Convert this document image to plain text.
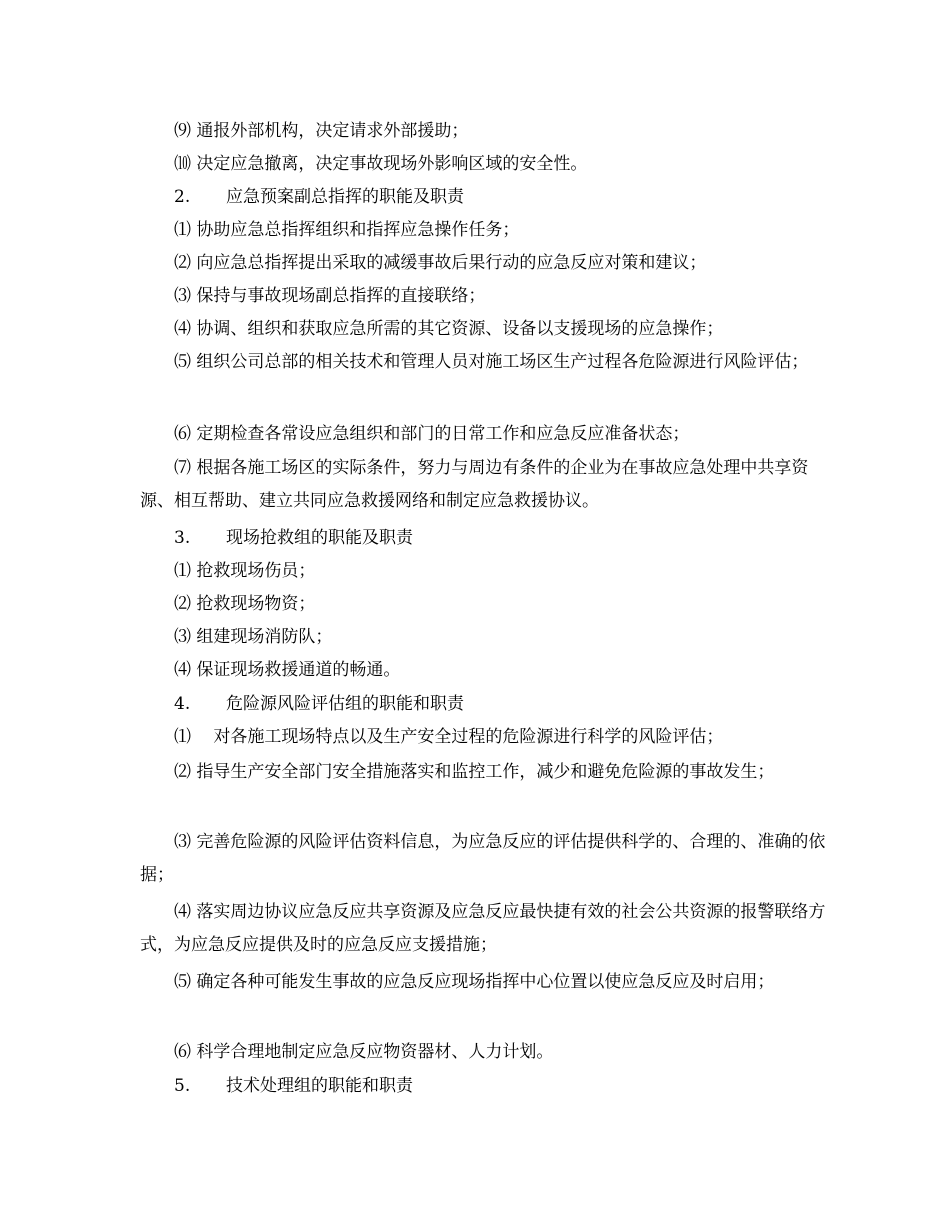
⑼ 通报外部机构，决定请求外部援助；
⑽ 决定应急撤离，决定事故现场外影响区域的安全性。
2. 应急预案副总指挥的职能及职责
⑴ 协助应急总指挥组织和指挥应急操作任务；
⑵ 向应急总指挥提出采取的减缓事故后果行动的应急反应对策和建议；
⑶ 保持与事故现场副总指挥的直接联络；
⑷ 协调、组织和获取应急所需的其它资源、设备以支援现场的应急操作；
⑸ 组织公司总部的相关技术和管理人员对施工场区生产过程各危险源进行风险评估；
⑹ 定期检查各常设应急组织和部门的日常工作和应急反应准备状态；
⑺ 根据各施工场区的实际条件，努力与周边有条件的企业为在事故应急处理中共享资源、相互帮助、建立共同应急救援网络和制定应急救援协议。
3. 现场抢救组的职能及职责
⑴ 抢救现场伤员；
⑵ 抢救现场物资；
⑶ 组建现场消防队；
⑷ 保证现场救援通道的畅通。
4. 危险源风险评估组的职能和职责
⑴　 对各施工现场特点以及生产安全过程的危险源进行科学的风险评估；
⑵ 指导生产安全部门安全措施落实和监控工作，减少和避免危险源的事故发生；
⑶ 完善危险源的风险评估资料信息，为应急反应的评估提供科学的、合理的、准确的依据；
⑷ 落实周边协议应急反应共享资源及应急反应最快捷有效的社会公共资源的报警联络方式，为应急反应提供及时的应急反应支援措施；
⑸ 确定各种可能发生事故的应急反应现场指挥中心位置以使应急反应及时启用；
⑹ 科学合理地制定应急反应物资器材、人力计划。
5. 技术处理组的职能和职责
